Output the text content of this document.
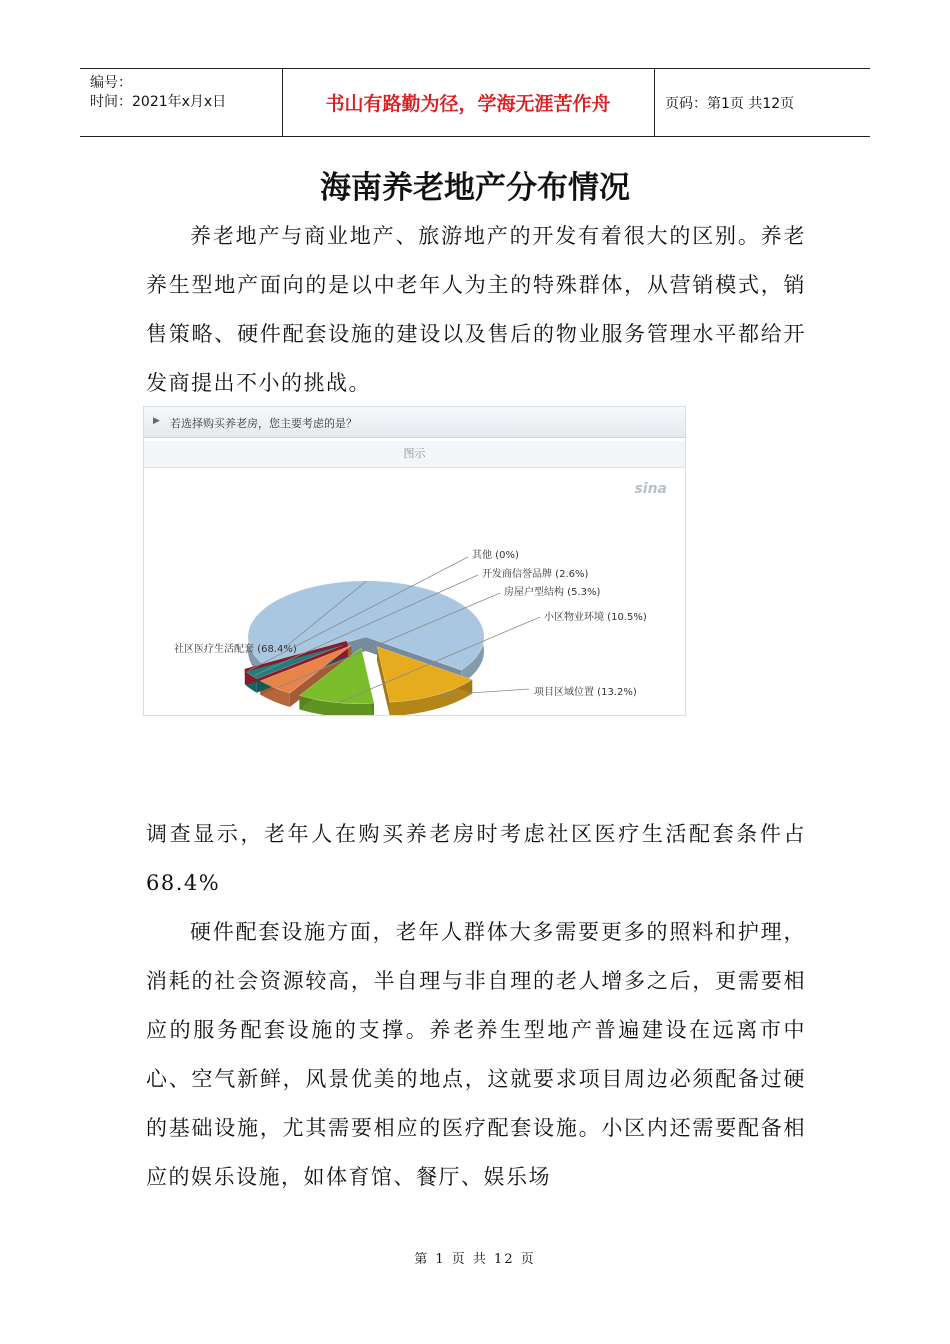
编号：
时间：2021年x月x日	书山有路勤为径，学海无涯苦作舟	页码：第1页 共12页
海南养老地产分布情况
养老地产与商业地产、旅游地产的开发有着很大的区别。养老养生型地产面向的是以中老年人为主的特殊群体，从营销模式，销售策略、硬件配套设施的建设以及售后的物业服务管理水平都给开发商提出不小的挑战。
▶ 若选择购买养老房，您主要考虑的是？
图示
sina
社区医疗生活配套 (68.4%)
项目区域位置 (13.2%)
小区物业环境 (10.5%)
房屋户型结构 (5.3%)
开发商信誉品牌 (2.6%)
其他 (0%)
调查显示，老年人在购买养老房时考虑社区医疗生活配套条件占68.4%
硬件配套设施方面，老年人群体大多需要更多的照料和护理，消耗的社会资源较高，半自理与非自理的老人增多之后，更需要相应的服务配套设施的支撑。养老养生型地产普遍建设在远离市中心、空气新鲜，风景优美的地点，这就要求项目周边必须配备过硬的基础设施，尤其需要相应的医疗配套设施。小区内还需要配备相应的娱乐设施，如体育馆、餐厅、娱乐场
第 1 页 共 12 页
